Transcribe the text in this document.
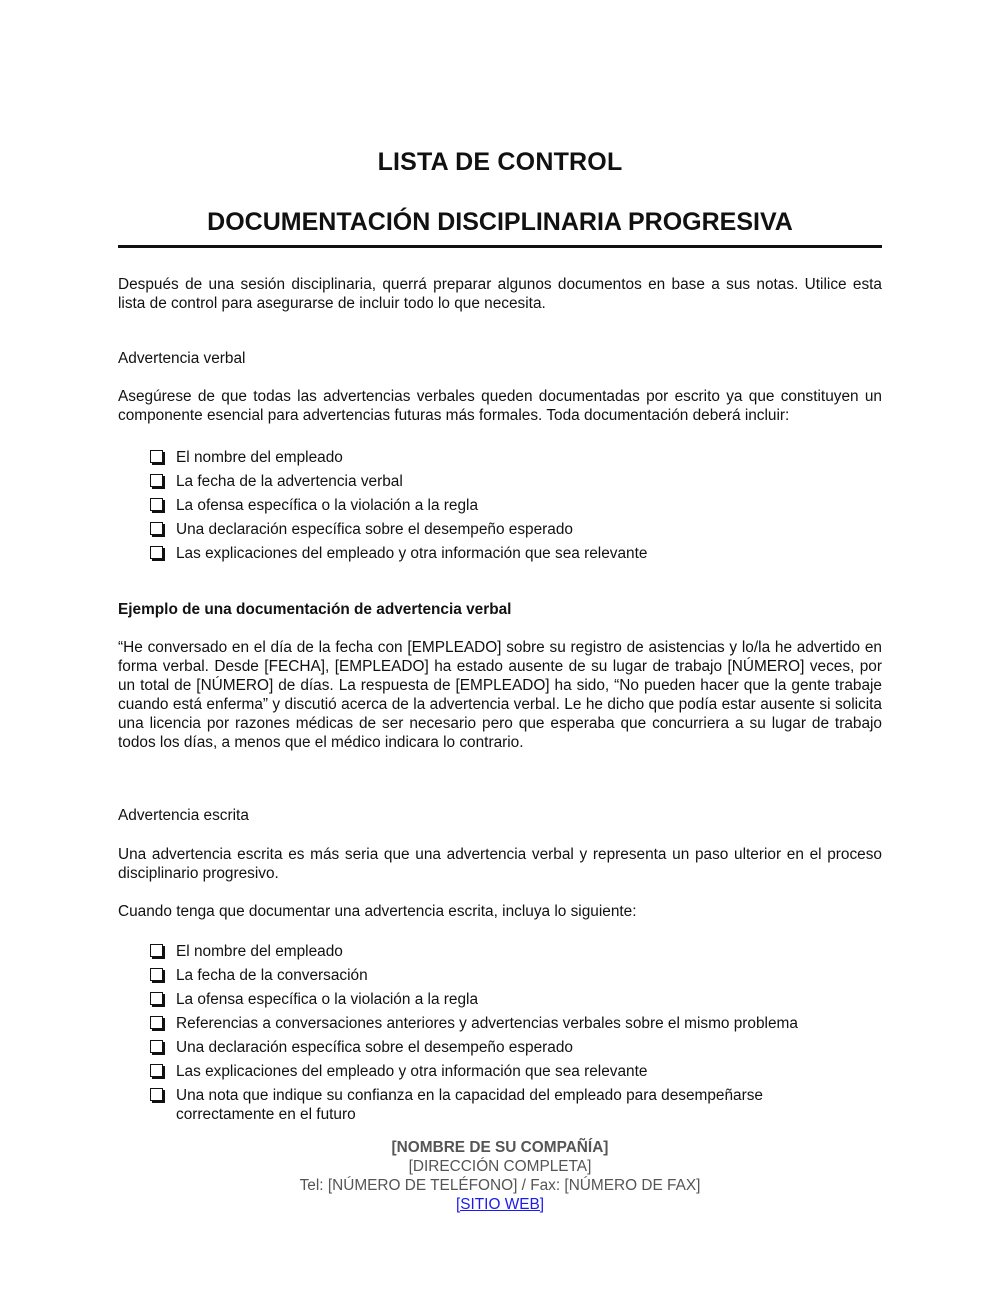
LISTA DE CONTROL
DOCUMENTACIÓN DISCIPLINARIA PROGRESIVA
Después de una sesión disciplinaria, querrá preparar algunos documentos en base a sus notas. Utilice esta lista de control para asegurarse de incluir todo lo que necesita.
Advertencia verbal
Asegúrese de que todas las advertencias verbales queden documentadas por escrito ya que constituyen un componente esencial para advertencias futuras más formales. Toda documentación deberá incluir:
El nombre del empleado
La fecha de la advertencia verbal
La ofensa específica o la violación a la regla
Una declaración específica sobre el desempeño esperado
Las explicaciones del empleado y otra información que sea relevante
Ejemplo de una documentación de advertencia verbal
“He conversado en el día de la fecha con [EMPLEADO] sobre su registro de asistencias y lo/la he advertido en forma verbal. Desde [FECHA], [EMPLEADO] ha estado ausente de su lugar de trabajo [NÚMERO] veces, por un total de [NÚMERO] de días. La respuesta de [EMPLEADO] ha sido, “No pueden hacer que la gente trabaje cuando está enferma” y discutió acerca de la advertencia verbal. Le he dicho que podía estar ausente si solicita una licencia por razones médicas de ser necesario pero que esperaba que concurriera a su lugar de trabajo todos los días, a menos que el médico indicara lo contrario.
Advertencia escrita
Una advertencia escrita es más seria que una advertencia verbal y representa un paso ulterior en el proceso disciplinario progresivo.
Cuando tenga que documentar una advertencia escrita, incluya lo siguiente:
El nombre del empleado
La fecha de la conversación
La ofensa específica o la violación a la regla
Referencias a conversaciones anteriores y advertencias verbales sobre el mismo problema
Una declaración específica sobre el desempeño esperado
Las explicaciones del empleado y otra información que sea relevante
Una nota que indique su confianza en la capacidad del empleado para desempeñarse correctamente en el futuro
[NOMBRE DE SU COMPAÑÍA]
[DIRECCIÓN COMPLETA]
Tel: [NÚMERO DE TELÉFONO] / Fax: [NÚMERO DE FAX]
[SITIO WEB]
